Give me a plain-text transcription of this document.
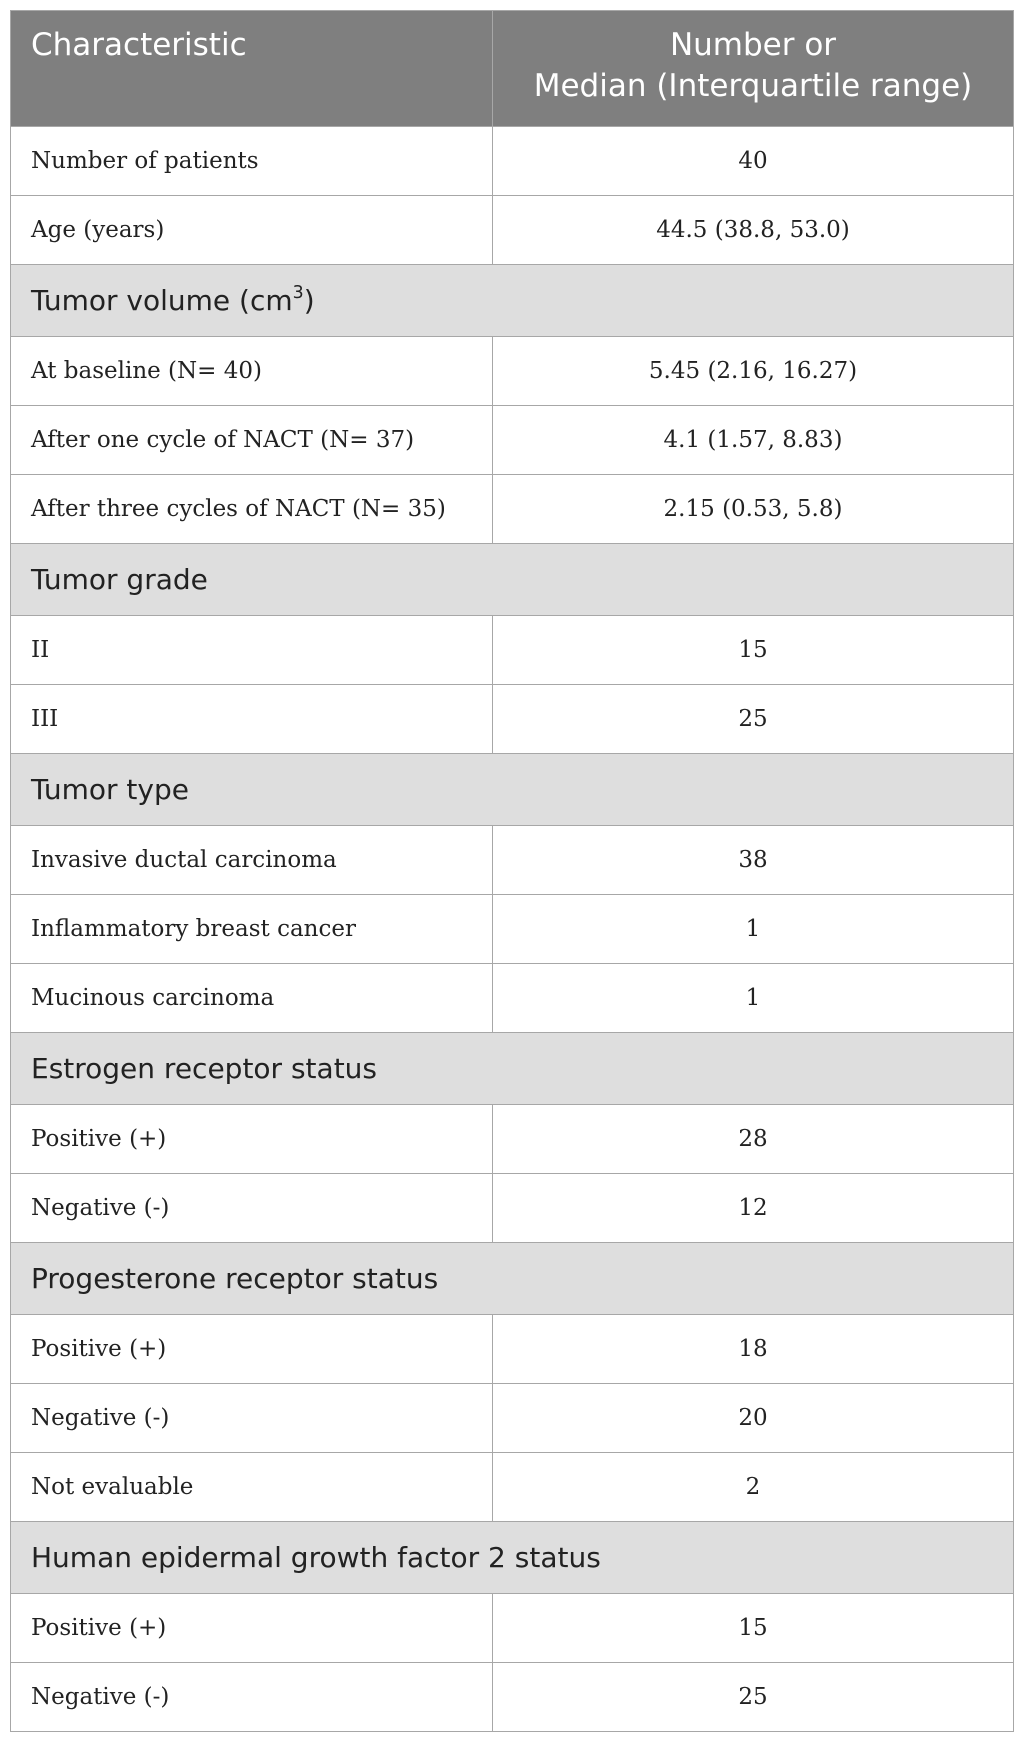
Characteristic	Number or
Median (Interquartile range)

Number of patients	40
Age (years)	44.5 (38.8, 53.0)
Tumor volume $(cm^3)$	
At baseline (N= 40)	5.45 (2.16, 16.27)
After one cycle of NACT (N= 37)	4.1 (1.57, 8.83)
After three cycles of NACT (N= 35)	2.15 (0.53, 5.8)
Tumor grade	
II	15
III	25
Tumor type	
Invasive ductal carcinoma	38
Inflammatory breast cancer	1
Mucinous carcinoma	1
Estrogen receptor status	
Positive (+)	28
Negative (-)	12
Progesterone receptor status	
Positive (+)	18
Negative (-)	20
Not evaluable	2
Human epidermal growth factor 2 status	
Positive (+)	15
Negative (-)	25
